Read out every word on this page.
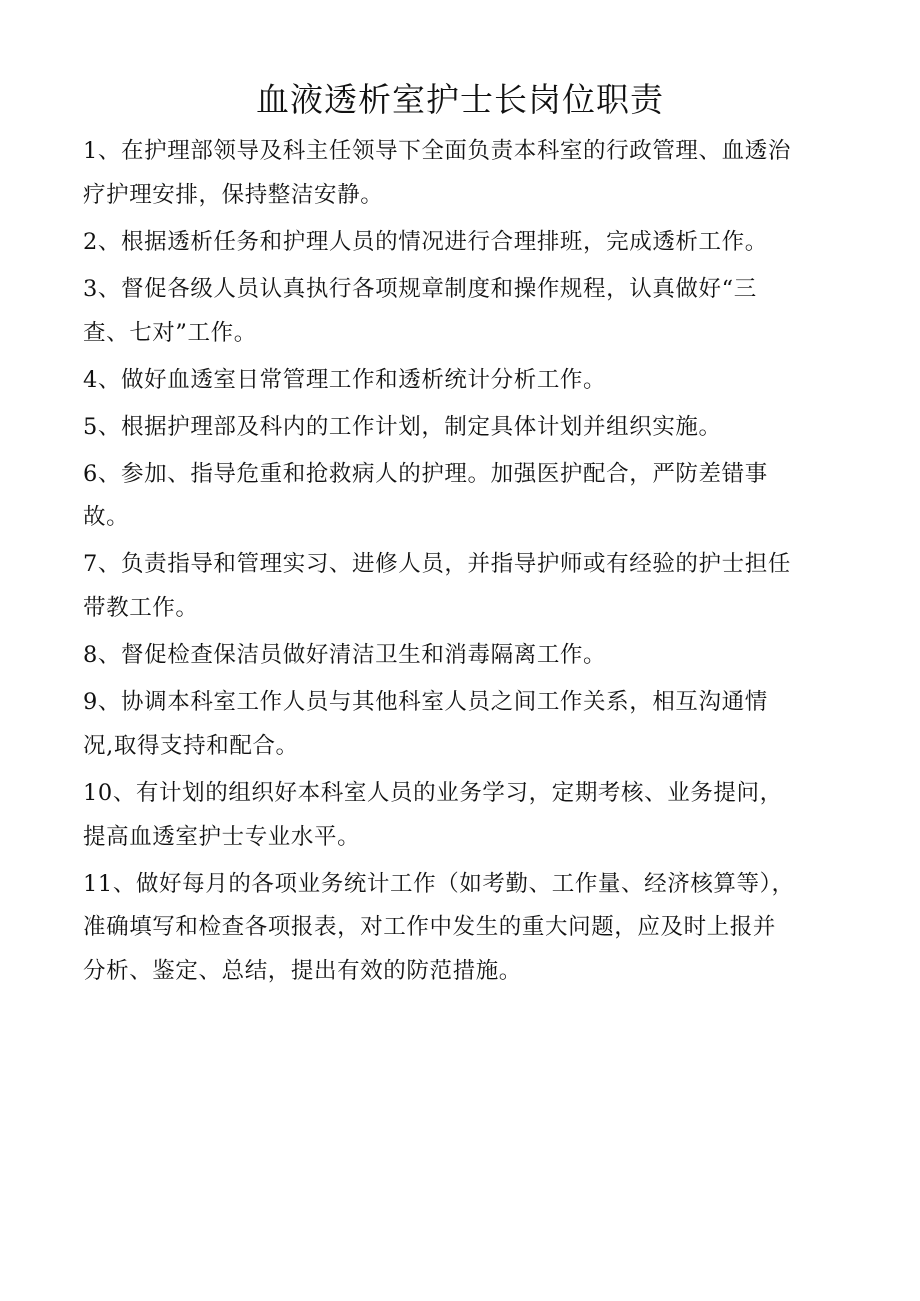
血液透析室护士长岗位职责
1、在护理部领导及科主任领导下全面负责本科室的行政管理、血透治
疗护理安排，保持整洁安静。
2、根据透析任务和护理人员的情况进行合理排班，完成透析工作。
3、督促各级人员认真执行各项规章制度和操作规程，认真做好“三
查、七对”工作。
4、做好血透室日常管理工作和透析统计分析工作。
5、根据护理部及科内的工作计划，制定具体计划并组织实施。
6、参加、指导危重和抢救病人的护理。加强医护配合，严防差错事
故。
7、负责指导和管理实习、进修人员，并指导护师或有经验的护士担任
带教工作。
8、督促检查保洁员做好清洁卫生和消毒隔离工作。
9、协调本科室工作人员与其他科室人员之间工作关系，相互沟通情
况,取得支持和配合。
10、有计划的组织好本科室人员的业务学习，定期考核、业务提问，
提高血透室护士专业水平。
11、做好每月的各项业务统计工作（如考勤、工作量、经济核算等），
准确填写和检查各项报表，对工作中发生的重大问题，应及时上报并
分析、鉴定、总结，提出有效的防范措施。
